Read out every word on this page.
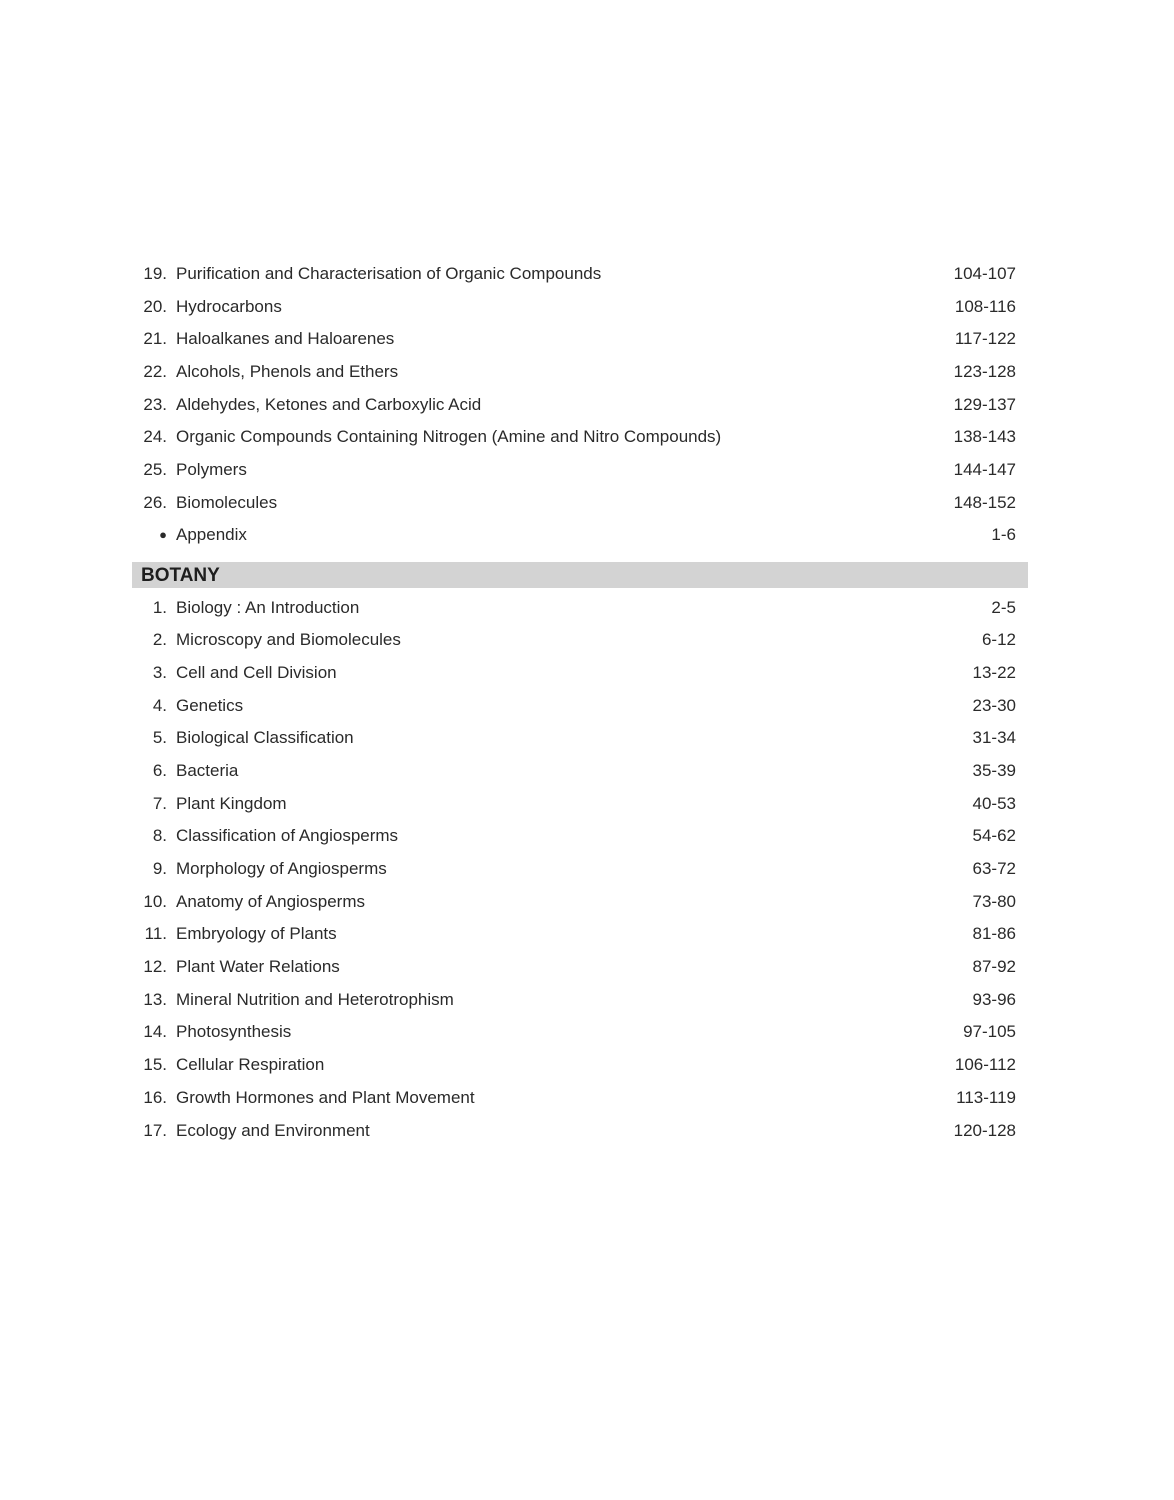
19. Purification and Characterisation of Organic Compounds	104-107
20. Hydrocarbons	108-116
21. Haloalkanes and Haloarenes	117-122
22. Alcohols, Phenols and Ethers	123-128
23. Aldehydes, Ketones and Carboxylic Acid	129-137
24. Organic Compounds Containing Nitrogen (Amine and Nitro Compounds)	138-143
25. Polymers	144-147
26. Biomolecules	148-152
● Appendix	1-6
BOTANY
1. Biology : An Introduction	2-5
2. Microscopy and Biomolecules	6-12
3. Cell and Cell Division	13-22
4. Genetics	23-30
5. Biological Classification	31-34
6. Bacteria	35-39
7. Plant Kingdom	40-53
8. Classification of Angiosperms	54-62
9. Morphology of Angiosperms	63-72
10. Anatomy of Angiosperms	73-80
11. Embryology of Plants	81-86
12. Plant Water Relations	87-92
13. Mineral Nutrition and Heterotrophism	93-96
14. Photosynthesis	97-105
15. Cellular Respiration	106-112
16. Growth Hormones and Plant Movement	113-119
17. Ecology and Environment	120-128
